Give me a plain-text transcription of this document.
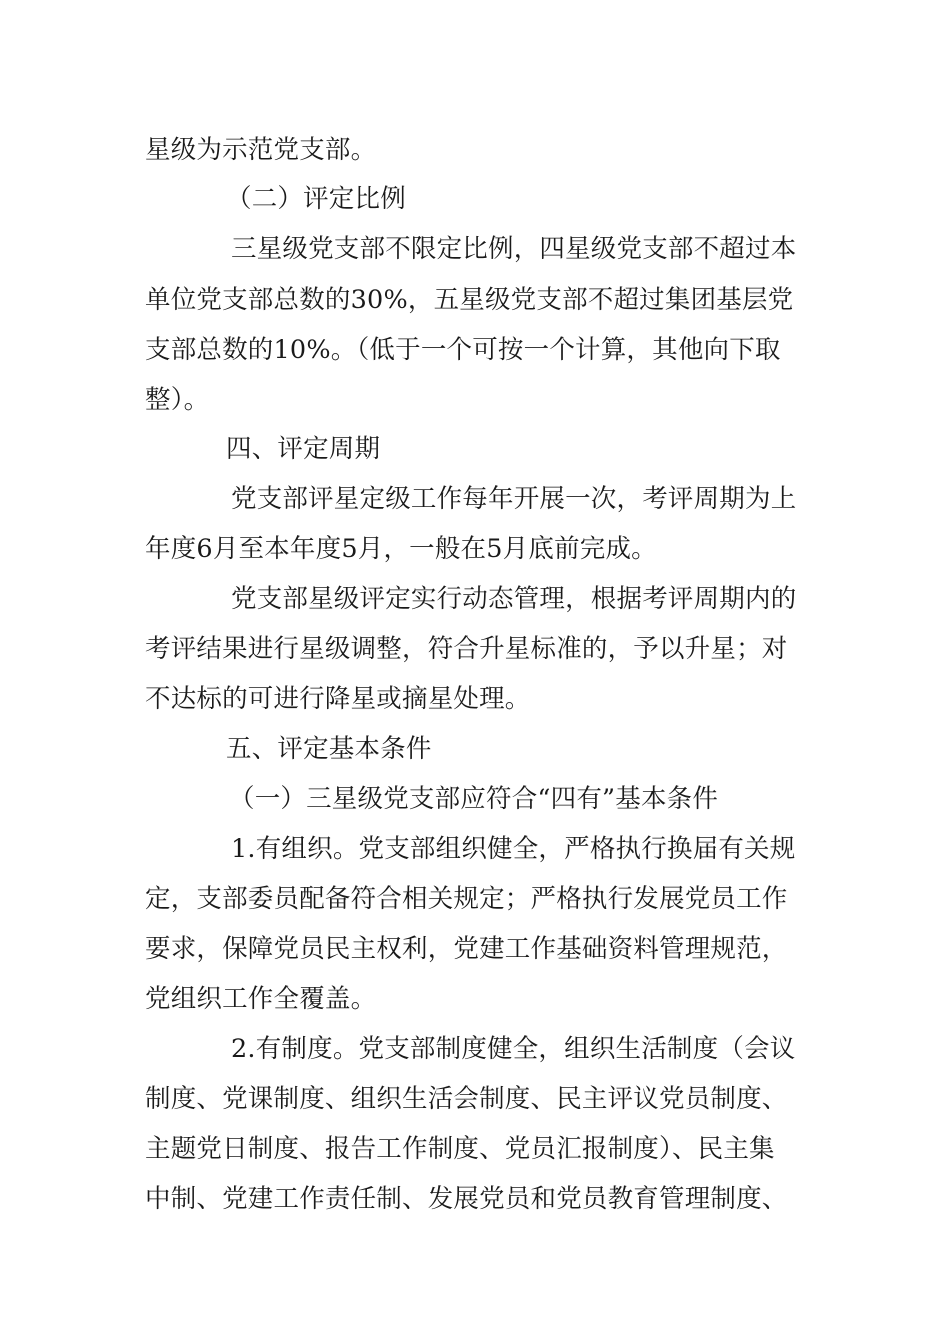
星级为示范党支部。
（二）评定比例
三星级党支部不限定比例，四星级党支部不超过本
单位党支部总数的30%，五星级党支部不超过集团基层党
支部总数的10%。（低于一个可按一个计算，其他向下取
整）。
四、评定周期
党支部评星定级工作每年开展一次，考评周期为上
年度6月至本年度5月，一般在5月底前完成。
党支部星级评定实行动态管理，根据考评周期内的
考评结果进行星级调整，符合升星标准的，予以升星；对
不达标的可进行降星或摘星处理。
五、评定基本条件
（一）三星级党支部应符合“四有”基本条件
1.有组织。党支部组织健全，严格执行换届有关规
定，支部委员配备符合相关规定；严格执行发展党员工作
要求，保障党员民主权利，党建工作基础资料管理规范，
党组织工作全覆盖。
2.有制度。党支部制度健全，组织生活制度（会议
制度、党课制度、组织生活会制度、民主评议党员制度、
主题党日制度、报告工作制度、党员汇报制度）、民主集
中制、党建工作责任制、发展党员和党员教育管理制度、
